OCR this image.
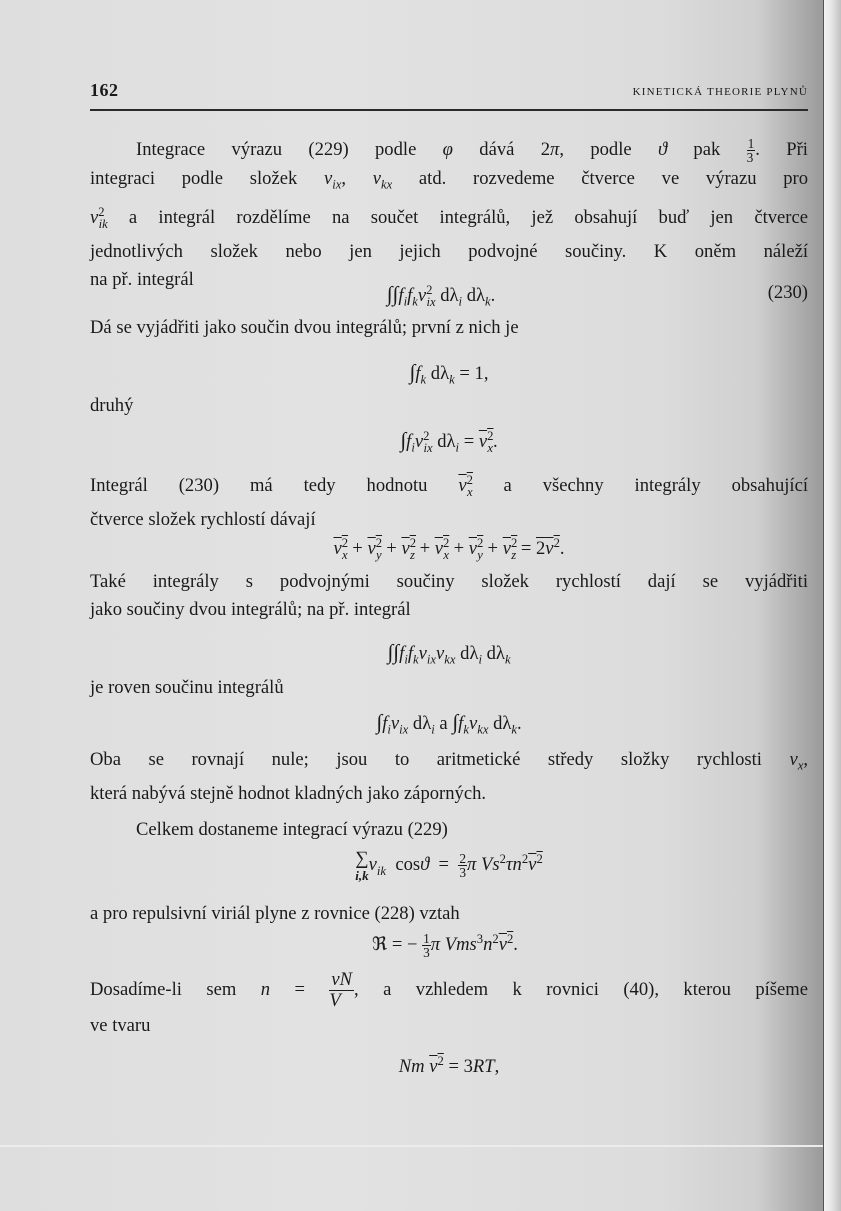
162	KINETICKÁ THEORIE PLYNŮ
Integrace výrazu (229) podle φ dává 2π, podle ϑ pak $\frac{1}{3}$ . Při
integraci podle složek $v_{ix}$, $v_{kx}$ atd. rozvedeme čtverce ve výrazu pro
$v^2_{ik}$ a integrál rozdělíme na součet integrálů, jež obsahují buď jen čtverce
jednotlivých složek nebo jen jejich podvojné součiny. K oněm náleží
na př. integrál
$\int\int f_if_kv^2_{ix}$ $d\lambda_i$ $d\lambda_k$.	(230)
Dá se vyjádřiti jako součin dvou integrálů; první z nich je
$\int f_k$ $d\lambda_k = 1$,
druhý
$\int f_iv^2_{ix}$ $d\lambda_i = v^2_x$.
Integrál (230) má tedy hodnotu $v^2_x$ a všechny integrály obsahující
čtverce složek rychlostí dávají
$v^2_x + v^2_y + v^2_z + v^2_x + v^2_y + v^2_z = 2v^2$.
Také integrály s podvojnými součiny složek rychlostí dají se vyjádřiti
jako součiny dvou integrálů; na př. integrál
$\int\int f_if_kv_{ix}v_{kx}$ $d\lambda_i$ $d\lambda_k$
je roven součinu integrálů
$\int f_iv_{ix}$ $d\lambda_i$ a $\int f_kv_{kx}$ $d\lambda_k$.
Oba se rovnají nule; jsou to aritmetické středy složky rychlosti $v_x$,
která nabývá stejně hodnot kladných jako záporných.
Celkem dostaneme integrací výrazu (229)
∑
i,k
$v_{ik}$  $\cos ϑ = \frac{2}{3}$ π $Vs^2\tau n^2v^2$
a pro repulsivní viriál plyne z rovnice (228) vztah
ℜ = − $\frac{1}{3}$ π $Vms^3n^2v^2$.
Dosadíme-li sem $n = \frac{\nu N}{V}$ , a vzhledem k rovnici (40), kterou píšeme
ve tvaru
Nm $v^2 = 3RT$,
